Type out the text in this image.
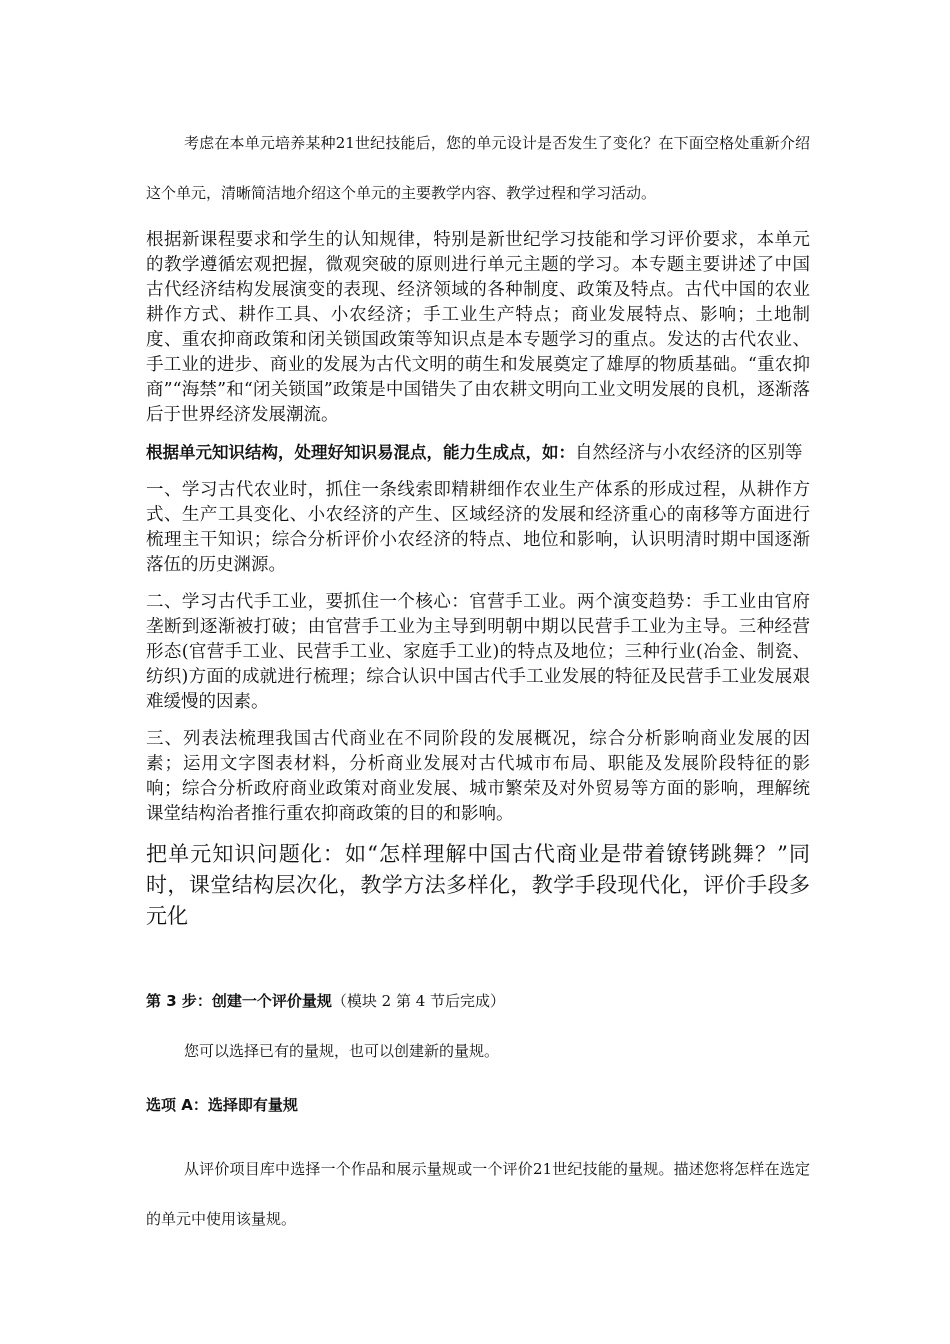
考虑在本单元培养某种21世纪技能后，您的单元设计是否发生了变化？在下面空格处重新介绍这个单元，清晰简洁地介绍这个单元的主要教学内容、教学过程和学习活动。

根据新课程要求和学生的认知规律，特别是新世纪学习技能和学习评价要求，本单元的教学遵循宏观把握，微观突破的原则进行单元主题的学习。本专题主要讲述了中国古代经济结构发展演变的表现、经济领域的各种制度、政策及特点。古代中国的农业耕作方式、耕作工具、小农经济；手工业生产特点；商业发展特点、影响；土地制度、重农抑商政策和闭关锁国政策等知识点是本专题学习的重点。发达的古代农业、手工业的进步、商业的发展为古代文明的萌生和发展奠定了雄厚的物质基础。“重农抑商”“海禁”和“闭关锁国”政策是中国错失了由农耕文明向工业文明发展的良机，逐渐落后于世界经济发展潮流。

根据单元知识结构，处理好知识易混点，能力生成点，如：自然经济与小农经济的区别等

一、学习古代农业时，抓住一条线索即精耕细作农业生产体系的形成过程，从耕作方式、生产工具变化、小农经济的产生、区域经济的发展和经济重心的南移等方面进行梳理主干知识；综合分析评价小农经济的特点、地位和影响，认识明清时期中国逐渐落伍的历史渊源。

二、学习古代手工业，要抓住一个核心：官营手工业。两个演变趋势：手工业由官府垄断到逐渐被打破；由官营手工业为主导到明朝中期以民营手工业为主导。三种经营形态(官营手工业、民营手工业、家庭手工业)的特点及地位；三种行业(冶金、制瓷、纺织)方面的成就进行梳理；综合认识中国古代手工业发展的特征及民营手工业发展艰难缓慢的因素。

三、列表法梳理我国古代商业在不同阶段的发展概况，综合分析影响商业发展的因素；运用文字图表材料，分析商业发展对古代城市布局、职能及发展阶段特征的影响；综合分析政府商业政策对商业发展、城市繁荣及对外贸易等方面的影响，理解统课堂结构治者推行重农抑商政策的目的和影响。

把单元知识问题化：如“怎样理解中国古代商业是带着镣铐跳舞？”同时，课堂结构层次化，教学方法多样化，教学手段现代化，评价手段多元化

第 3 步：创建一个评价量规（模块 2 第 4 节后完成）

您可以选择已有的量规，也可以创建新的量规。

选项 A：选择即有量规

从评价项目库中选择一个作品和展示量规或一个评价21世纪技能的量规。描述您将怎样在选定的单元中使用该量规。
